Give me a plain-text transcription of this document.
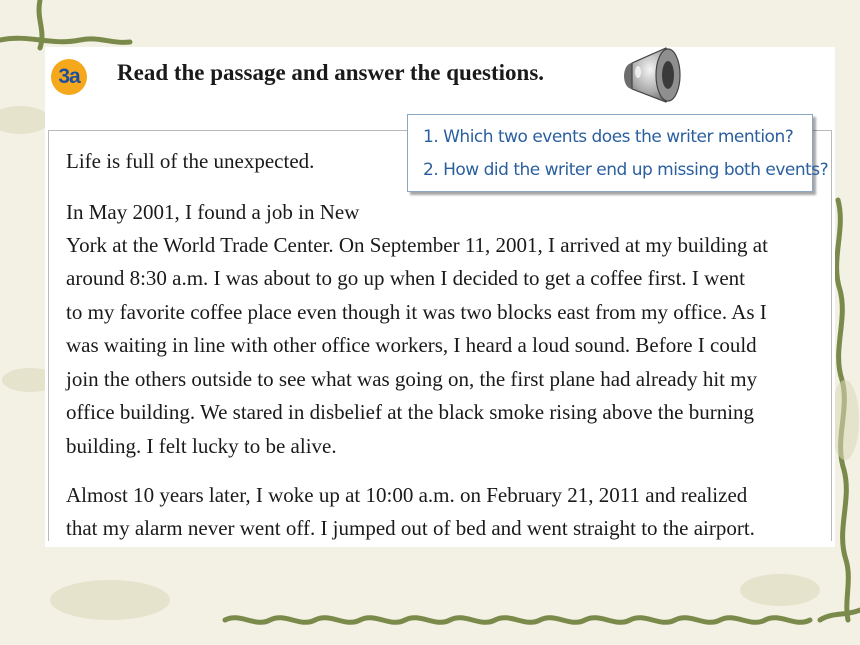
3a	Read the passage and answer the questions.
1. Which two events does the writer mention?
2. How did the writer end up missing both events?

Life is full of the unexpected.

In May 2001, I found a job in New

York at the World Trade Center. On September 11, 2001, I arrived at my building at

around 8:30 a.m. I was about to go up when I decided to get a coffee first. I went

to my favorite coffee place even though it was two blocks east from my office. As I

was waiting in line with other office workers, I heard a loud sound. Before I could

join the others outside to see what was going on, the first plane had already hit my

office building. We stared in disbelief at the black smoke rising above the burning

building. I felt lucky to be alive.

Almost 10 years later, I woke up at 10:00 a.m. on February 21, 2011 and realized

that my alarm never went off. I jumped out of bed and went straight to the airport.
